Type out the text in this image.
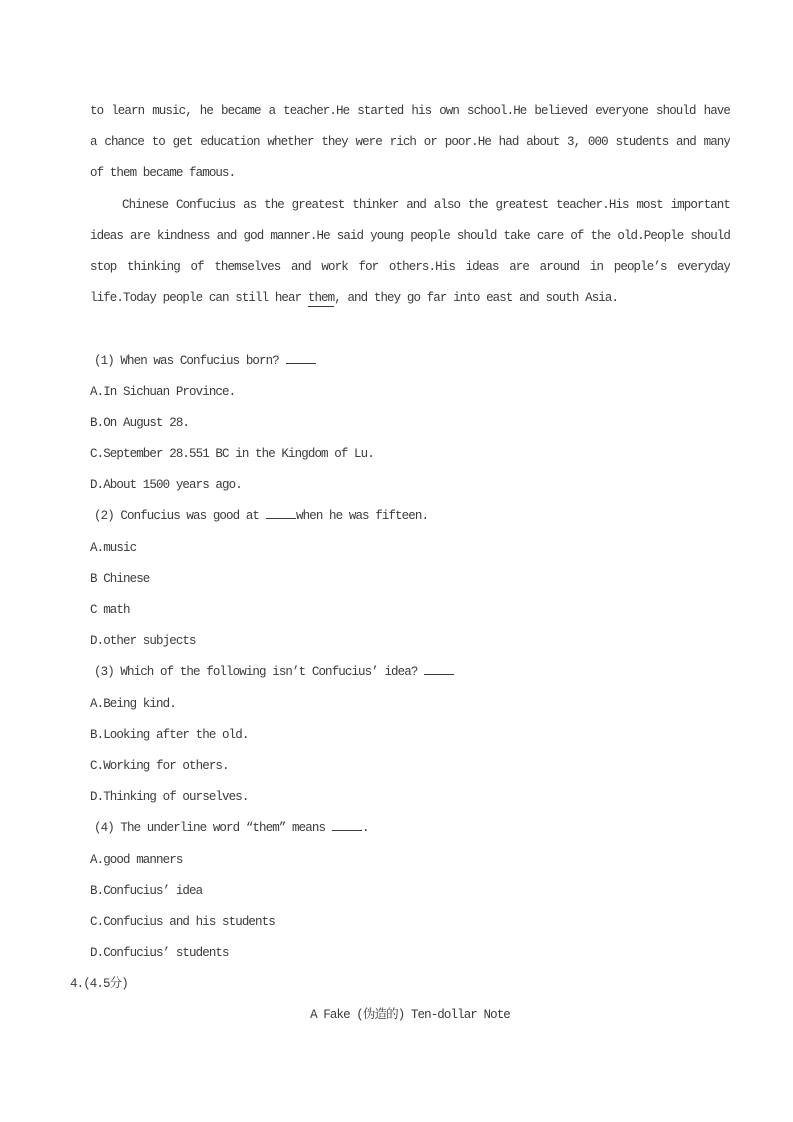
to learn music, he became a teacher.He started his own school.He believed everyone should have
a chance to get education whether they were rich or poor.He had about 3, 000 students and many
of them became famous.
Chinese Confucius as the greatest thinker and also the greatest teacher.His most important
ideas are kindness and god manner.He said young people should take care of the old.People should
stop thinking of themselves and work for others.His ideas are around in people’s everyday
life.Today people can still hear them, and they go far into east and south Asia.
(1) When was Confucius born?
A.In Sichuan Province.
B.On August 28.
C.September 28.551 BC in the Kingdom of Lu.
D.About 1500 years ago.
(2) Confucius was good at	when he was fifteen.
A.music
B Chinese
C math
D.other subjects
(3) Which of the following isn’t Confucius’ idea?
A.Being kind.
B.Looking after the old.
C.Working for others.
D.Thinking of ourselves.
(4) The underline word “them” means	.
A.good manners
B.Confucius’ idea
C.Confucius and his students
D.Confucius’ students
4.(4.5分)
A Fake (伪造的) Ten-dollar Note
